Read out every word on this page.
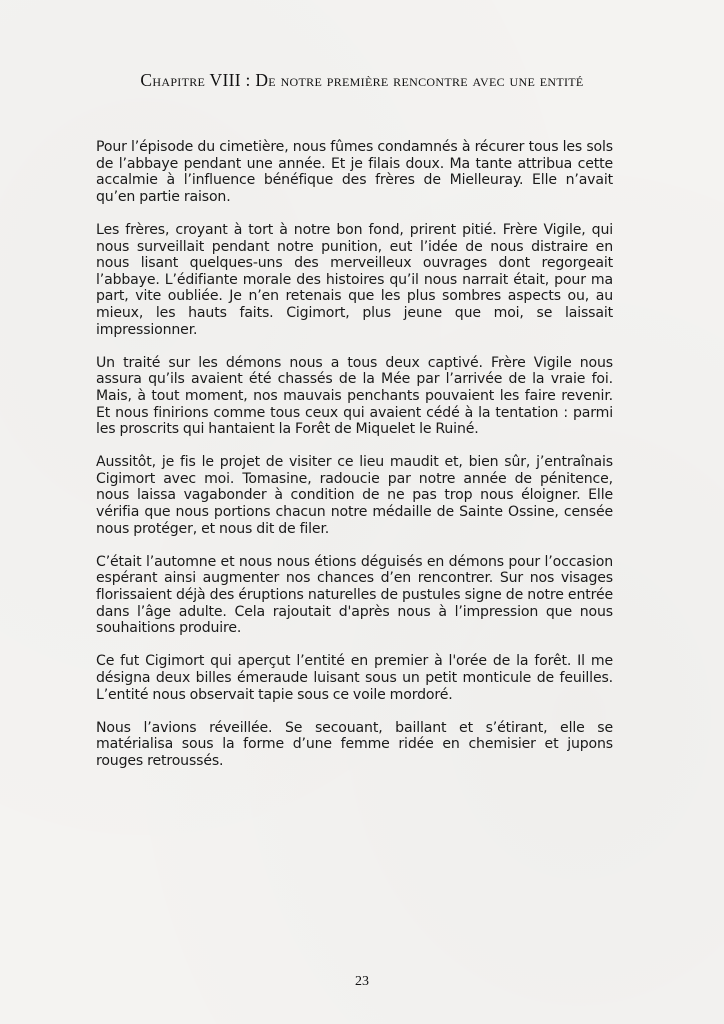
Chapitre VIII : De notre première rencontre avec une entité

Pour l’épisode du cimetière, nous fûmes condamnés à récurer tous les sols de l’abbaye pendant une année. Et je filais doux. Ma tante attribua cette accalmie à l’influence bénéfique des frères de Mielleuray. Elle n’avait qu’en partie raison.

Les frères, croyant à tort à notre bon fond, prirent pitié. Frère Vigile, qui nous surveillait pendant notre punition, eut l’idée de nous distraire en nous lisant quelques-uns des merveilleux ouvrages dont regorgeait l’abbaye. L’édifiante morale des histoires qu’il nous narrait était, pour ma part, vite oubliée. Je n’en retenais que les plus sombres aspects ou, au mieux, les hauts faits. Cigimort, plus jeune que moi, se laissait impressionner.

Un traité sur les démons nous a tous deux captivé. Frère Vigile nous assura qu’ils avaient été chassés de la Mée par l’arrivée de la vraie foi. Mais, à tout moment, nos mauvais penchants pouvaient les faire revenir. Et nous finirions comme tous ceux qui avaient cédé à la tentation : parmi les proscrits qui hantaient la Forêt de Miquelet le Ruiné.

Aussitôt, je fis le projet de visiter ce lieu maudit et, bien sûr, j’entraînais Cigimort avec moi. Tomasine, radoucie par notre année de pénitence, nous laissa vagabonder à condition de ne pas trop nous éloigner. Elle vérifia que nous portions chacun notre médaille de Sainte Ossine, censée nous protéger, et nous dit de filer.

C’était l’automne et nous nous étions déguisés en démons pour l’occasion espérant ainsi augmenter nos chances d’en rencontrer. Sur nos visages florissaient déjà des éruptions naturelles de pustules signe de notre entrée dans l’âge adulte. Cela rajoutait d'après nous à l’impression que nous souhaitions produire.

Ce fut Cigimort qui aperçut l’entité en premier à l'orée de la forêt. Il me désigna deux billes émeraude luisant sous un petit monticule de feuilles. L’entité nous observait tapie sous ce voile mordoré.

Nous l’avions réveillée. Se secouant, baillant et s’étirant, elle se matérialisa sous la forme d’une femme ridée en chemisier et jupons rouges retroussés.

23
